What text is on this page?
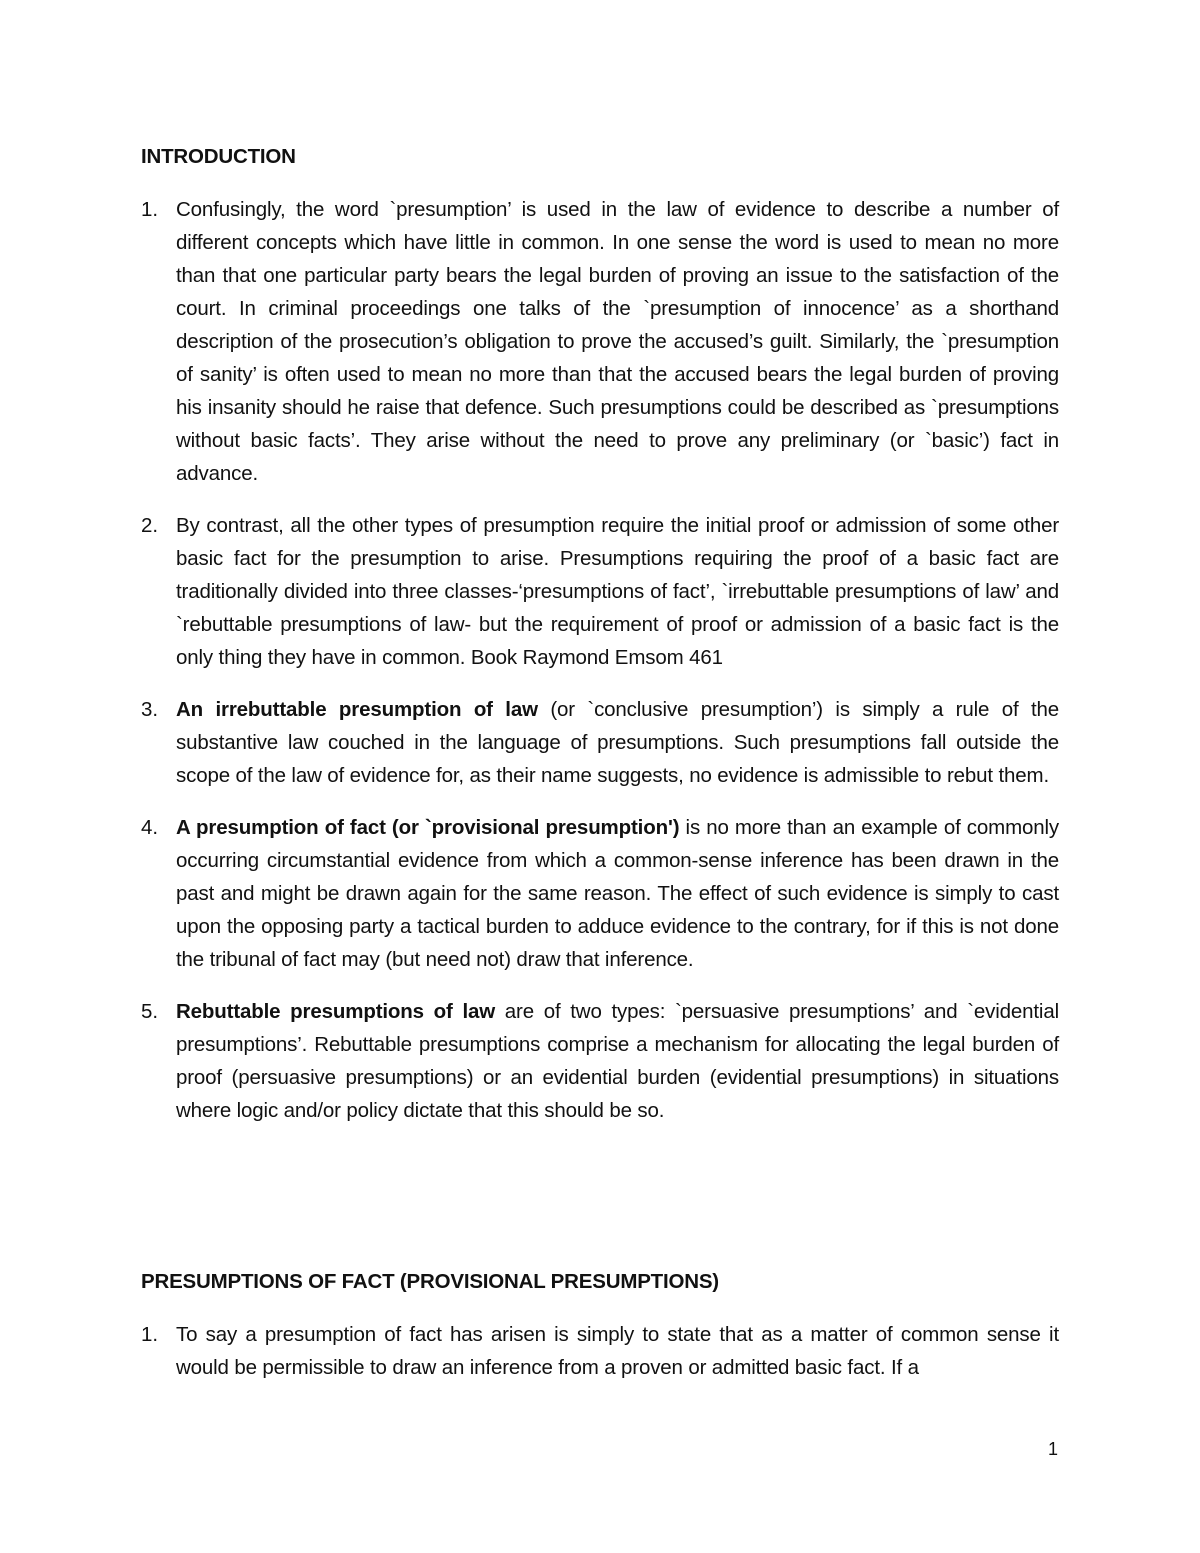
INTRODUCTION
1. Confusingly, the word `presumption’ is used in the law of evidence to describe a number of different concepts which have little in common. In one sense the word is used to mean no more than that one particular party bears the legal burden of proving an issue to the satisfaction of the court. In criminal proceedings one talks of the `presumption of innocence’ as a shorthand description of the prosecution’s obligation to prove the accused’s guilt. Similarly, the `presumption of sanity’ is often used to mean no more than that the accused bears the legal burden of proving his insanity should he raise that defence. Such presumptions could be described as `presumptions without basic facts’. They arise without the need to prove any preliminary (or `basic’) fact in advance.
2. By contrast, all the other types of presumption require the initial proof or admission of some other basic fact for the presumption to arise. Presumptions requiring the proof of a basic fact are traditionally divided into three classes-‘presumptions of fact’, `irrebuttable presumptions of law’ and `rebuttable presumptions of law- but the requirement of proof or admission of a basic fact is the only thing they have in common. Book Raymond Emsom 461
3. An irrebuttable presumption of law (or `conclusive presumption’) is simply a rule of the substantive law couched in the language of presumptions. Such presumptions fall outside the scope of the law of evidence for, as their name suggests, no evidence is admissible to rebut them.
4. A presumption of fact (or `provisional presumption') is no more than an example of commonly occurring circumstantial evidence from which a common-sense inference has been drawn in the past and might be drawn again for the same reason. The effect of such evidence is simply to cast upon the opposing party a tactical burden to adduce evidence to the contrary, for if this is not done the tribunal of fact may (but need not) draw that inference.
5. Rebuttable presumptions of law are of two types: `persuasive presumptions’ and `evidential presumptions’. Rebuttable presumptions comprise a mechanism for allocating the legal burden of proof (persuasive presumptions) or an evidential burden (evidential presumptions) in situations where logic and/or policy dictate that this should be so.
PRESUMPTIONS OF FACT (PROVISIONAL PRESUMPTIONS)
1. To say a presumption of fact has arisen is simply to state that as a matter of common sense it would be permissible to draw an inference from a proven or admitted basic fact. If a
1
